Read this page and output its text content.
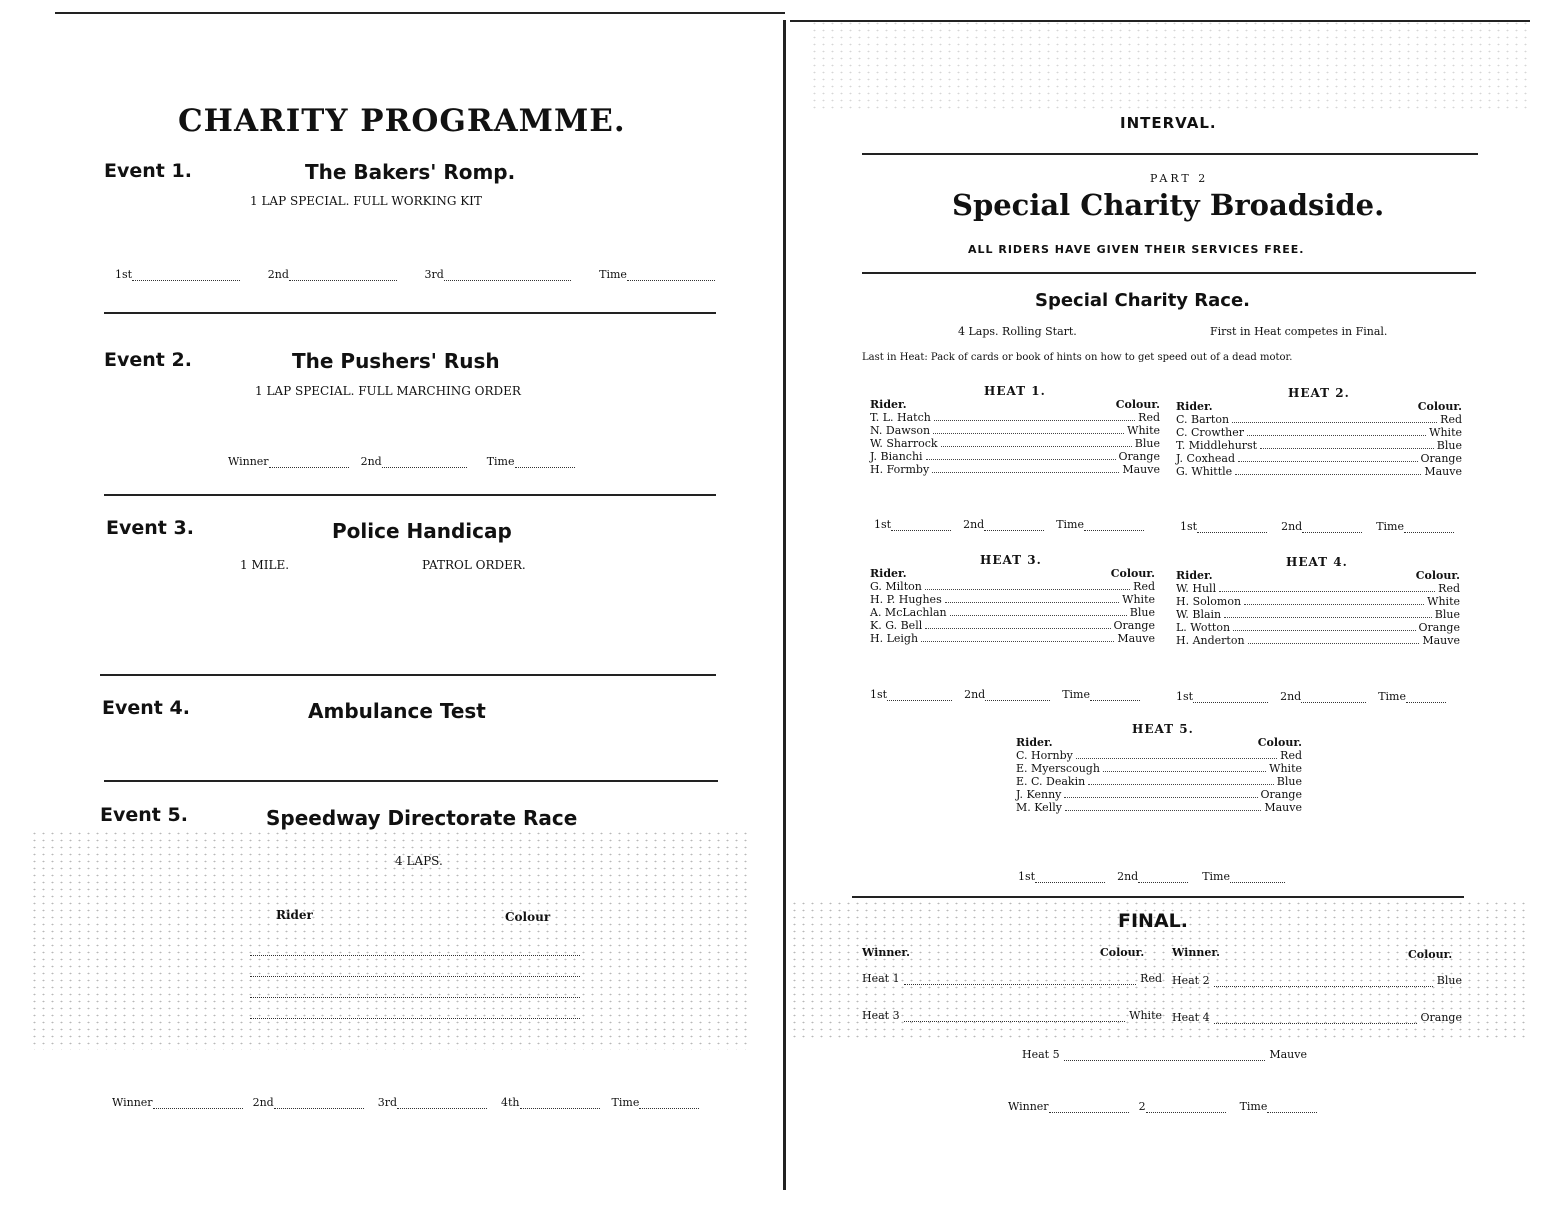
CHARITY PROGRAMME.
Event 1.	The Bakers' Romp.
1 LAP SPECIAL. FULL WORKING KIT
1st	2nd	3rd	Time
Event 2.	The Pushers' Rush
1 LAP SPECIAL. FULL MARCHING ORDER
Winner	2nd	Time
Event 3.	Police Handicap
1 MILE.	PATROL ORDER.
Event 4.	Ambulance Test
Event 5.	Speedway Directorate Race
4 LAPS.
Rider	Colour
Winner	2nd	3rd	4th	Time
INTERVAL.
PART 2
Special Charity Broadside.
ALL RIDERS HAVE GIVEN THEIR SERVICES FREE.
Special Charity Race.
4 Laps. Rolling Start.	First in Heat competes in Final.
Last in Heat: Pack of cards or book of hints on how to get speed out of a dead motor.
HEAT 1.
Rider.	Colour.
T. L. Hatch	Red
N. Dawson	White
W. Sharrock	Blue
J. Bianchi	Orange
H. Formby	Mauve
HEAT 2.
Rider.	Colour.
C. Barton	Red
C. Crowther	White
T. Middlehurst	Blue
J. Coxhead	Orange
G. Whittle	Mauve
1st	2nd	Time	1st	2nd	Time
HEAT 3.
Rider.	Colour.
G. Milton	Red
H. P. Hughes	White
A. McLachlan	Blue
K. G. Bell	Orange
H. Leigh	Mauve
HEAT 4.
Rider.	Colour.
W. Hull	Red
H. Solomon	White
W. Blain	Blue
L. Wotton	Orange
H. Anderton	Mauve
1st	2nd	Time	1st	2nd	Time
HEAT 5.
Rider.	Colour.
C. Hornby	Red
E. Myerscough	White
E. C. Deakin	Blue
J. Kenny	Orange
M. Kelly	Mauve
1st	2nd	Time
FINAL.
Winner.	Colour.	Winner.	Colour.
Heat 1	Red Heat 2	Blue
Heat 3	White Heat 4	Orange
Heat 5	Mauve
Winner	2	Time
